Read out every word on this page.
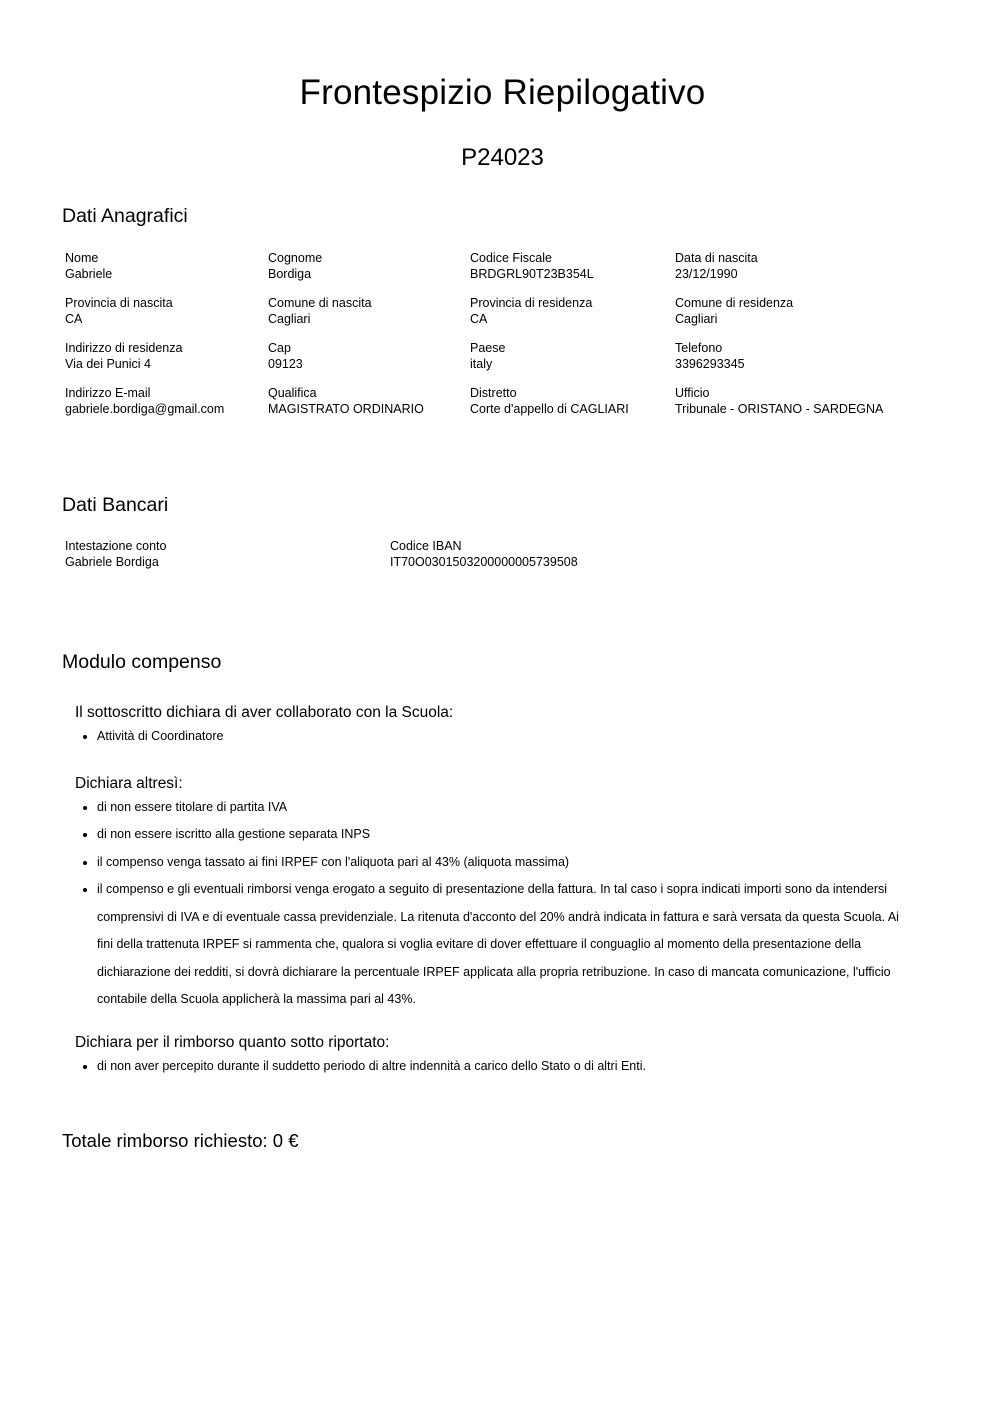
Frontespizio Riepilogativo
P24023
Dati Anagrafici
Nome
Gabriele
Cognome
Bordiga
Codice Fiscale
BRDGRL90T23B354L
Data di nascita
23/12/1990
Provincia di nascita
CA
Comune di nascita
Cagliari
Provincia di residenza
CA
Comune di residenza
Cagliari
Indirizzo di residenza
Via dei Punici 4
Cap
09123
Paese
italy
Telefono
3396293345
Indirizzo E-mail
gabriele.bordiga@gmail.com
Qualifica
MAGISTRATO ORDINARIO
Distretto
Corte d'appello di CAGLIARI
Ufficio
Tribunale - ORISTANO - SARDEGNA
Dati Bancari
Intestazione conto
Gabriele Bordiga
Codice IBAN
IT70O0301503200000005739508
Modulo compenso

Il sottoscritto dichiara di aver collaborato con la Scuola:

• Attività di Coordinatore

Dichiara altresì:

• di non essere titolare di partita IVA
• di non essere iscritto alla gestione separata INPS
• il compenso venga tassato ai fini IRPEF con l'aliquota pari al 43% (aliquota massima)
• il compenso e gli eventuali rimborsi venga erogato a seguito di presentazione della fattura. In tal caso i sopra indicati importi sono da intendersi comprensivi di IVA e di eventuale cassa previdenziale. La ritenuta d'acconto del 20% andrà indicata in fattura e sarà versata da questa Scuola. Ai fini della trattenuta IRPEF si rammenta che, qualora si voglia evitare di dover effettuare il conguaglio al momento della presentazione della dichiarazione dei redditi, si dovrà dichiarare la percentuale IRPEF applicata alla propria retribuzione. In caso di mancata comunicazione, l'ufficio contabile della Scuola applicherà la massima pari al 43%.

Dichiara per il rimborso quanto sotto riportato:

• di non aver percepito durante il suddetto periodo di altre indennità a carico dello Stato o di altri Enti.
Totale rimborso richiesto: 0 €
